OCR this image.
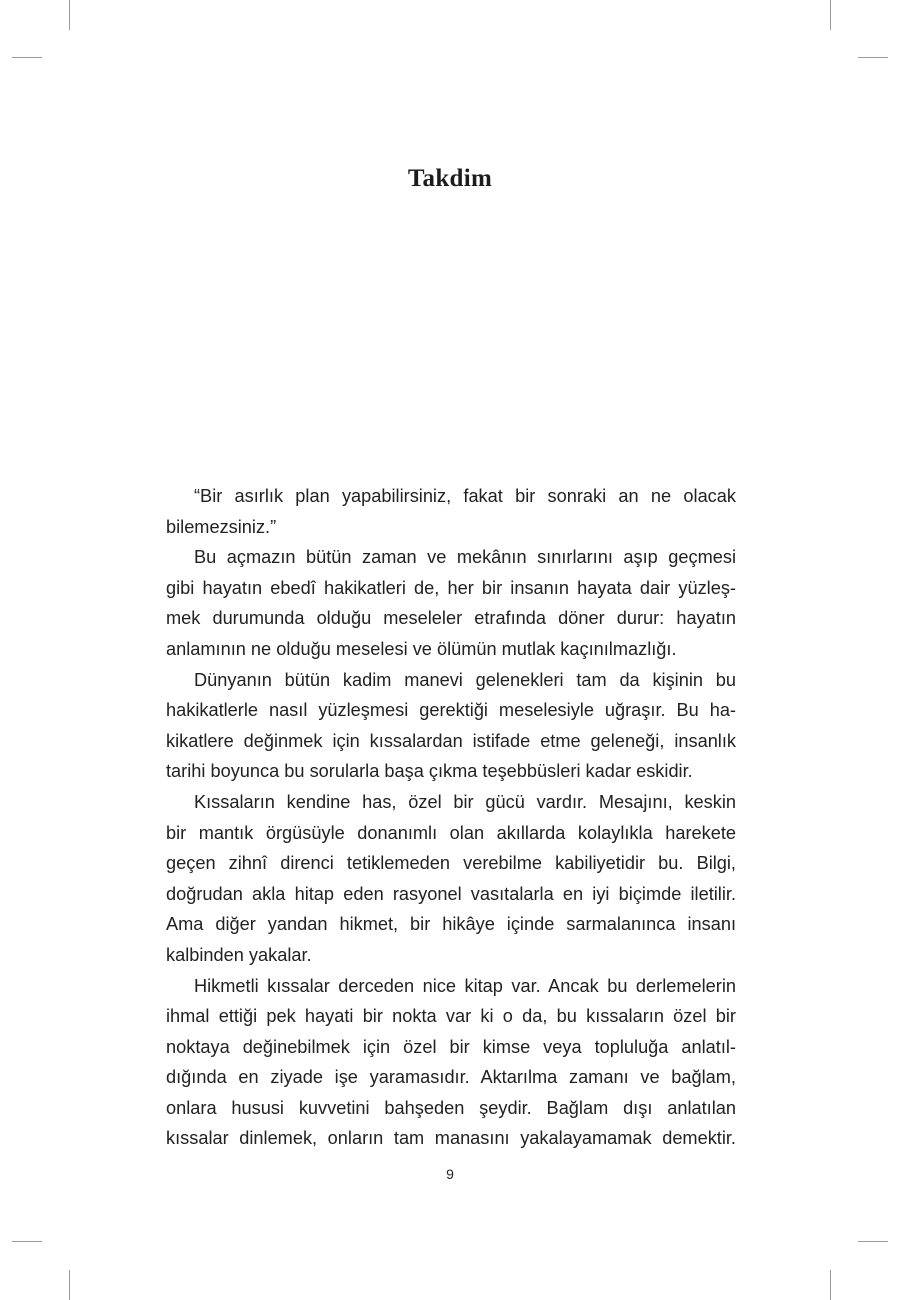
Takdim
“Bir asırlık plan yapabilirsiniz, fakat bir sonraki an ne olacak
bilemezsiniz.”
Bu açmazın bütün zaman ve mekânın sınırlarını aşıp geçmesi
gibi hayatın ebedî hakikatleri de, her bir insanın hayata dair yüzleş-
mek durumunda olduğu meseleler etrafında döner durur: hayatın
anlamının ne olduğu meselesi ve ölümün mutlak kaçınılmazlığı.
Dünyanın bütün kadim manevi gelenekleri tam da kişinin bu
hakikatlerle nasıl yüzleşmesi gerektiği meselesiyle uğraşır. Bu ha-
kikatlere değinmek için kıssalardan istifade etme geleneği, insanlık
tarihi boyunca bu sorularla başa çıkma teşebbüsleri kadar eskidir.
Kıssaların kendine has, özel bir gücü vardır. Mesajını, keskin
bir mantık örgüsüyle donanımlı olan akıllarda kolaylıkla harekete
geçen zihnî direnci tetiklemeden verebilme kabiliyetidir bu. Bilgi,
doğrudan akla hitap eden rasyonel vasıtalarla en iyi biçimde iletilir.
Ama diğer yandan hikmet, bir hikâye içinde sarmalanınca insanı
kalbinden yakalar.
Hikmetli kıssalar derceden nice kitap var. Ancak bu derlemelerin
ihmal ettiği pek hayati bir nokta var ki o da, bu kıssaların özel bir
noktaya değinebilmek için özel bir kimse veya topluluğa anlatıl-
dığında en ziyade işe yaramasıdır. Aktarılma zamanı ve bağlam,
onlara hususi kuvvetini bahşeden şeydir. Bağlam dışı anlatılan
kıssalar dinlemek, onların tam manasını yakalayamamak demektir.
9
